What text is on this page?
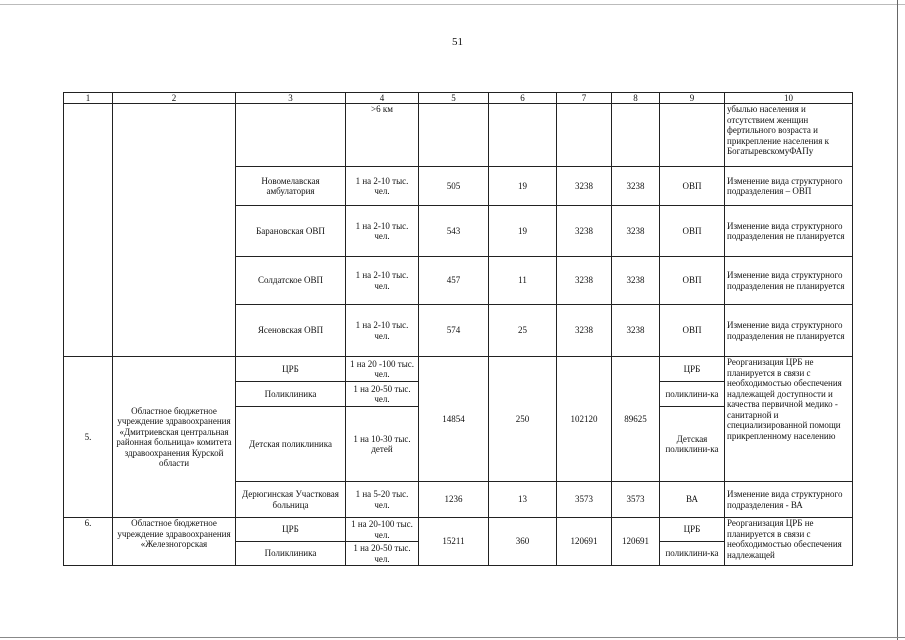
51
1	2	3	4	5	6	7	8	9	10
			>6 км						убылью населения и отсутствием женщин фертильного возраста и прикрепление населения к БогатыревскомуФАПу
		Новомелавская амбулатория	1 на 2-10 тыс. чел.	505	19	3238	3238	ОВП	Изменение вида структурного подразделения – ОВП
		Барановская ОВП	1 на 2-10 тыс. чел.	543	19	3238	3238	ОВП	Изменение вида структурного подразделения не планируется
		Солдатское ОВП	1 на 2-10 тыс. чел.	457	11	3238	3238	ОВП	Изменение вида структурного подразделения не планируется
		Ясеновская ОВП	1 на 2-10 тыс. чел.	574	25	3238	3238	ОВП	Изменение вида структурного подразделения не планируется
5.	Областное бюджетное учреждение здравоохранения «Дмитриевская центральная районная больница» комитета здравоохранения Курской области	ЦРБ	1 на 20 -100 тыс. чел.	14854	250	102120	89625	ЦРБ	Реорганизация ЦРБ не планируется в связи с необходимостью обеспечения надлежащей доступности и качества первичной медико - санитарной и специализированной помощи прикрепленному населению
		Поликлиника	1 на 20-50 тыс. чел.					поликлини-ка	
		Детская поликлиника	1 на 10-30 тыс. детей					Детская поликлини-ка	
		Дерюгинская Участковая больница	1 на 5-20 тыс. чел.	1236	13	3573	3573	ВА	Изменение вида структурного подразделения - ВА
6.	Областное бюджетное учреждение здравоохранения «Железногорская	ЦРБ	1 на 20-100 тыс. чел.	15211	360	120691	120691	ЦРБ	Реорганизация ЦРБ не планируется в связи с необходимостью обеспечения надлежащей
		Поликлиника	1 на 20-50 тыс. чел.					поликлини-ка	
